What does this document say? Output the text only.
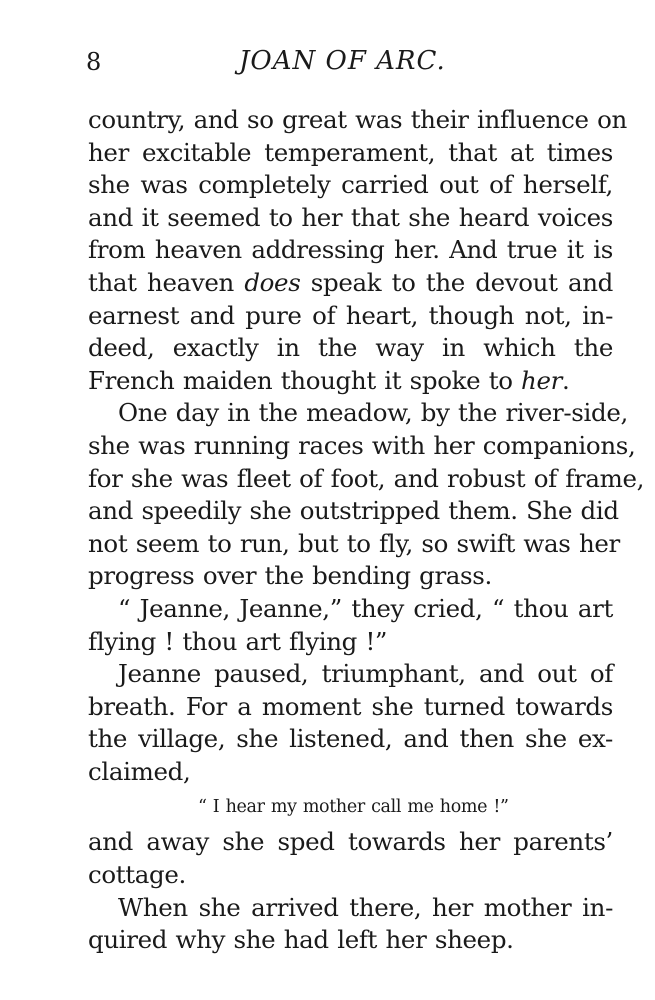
8	JOAN OF ARC.
country, and so great was their influence on
her excitable temperament, that at times
she was completely carried out of herself,
and it seemed to her that she heard voices
from heaven addressing her. And true it is
that heaven does speak to the devout and
earnest and pure of heart, though not, in-
deed, exactly in the way in which the
French maiden thought it spoke to her.
One day in the meadow, by the river-side,
she was running races with her companions,
for she was fleet of foot, and robust of frame,
and speedily she outstripped them. She did
not seem to run, but to fly, so swift was her
progress over the bending grass.
“ Jeanne, Jeanne,” they cried, “ thou art
flying ! thou art flying !”
Jeanne paused, triumphant, and out of
breath. For a moment she turned towards
the village, she listened, and then she ex-
claimed,
“ I hear my mother call me home !”
and away she sped towards her parents’
cottage.
When she arrived there, her mother in-
quired why she had left her sheep.
